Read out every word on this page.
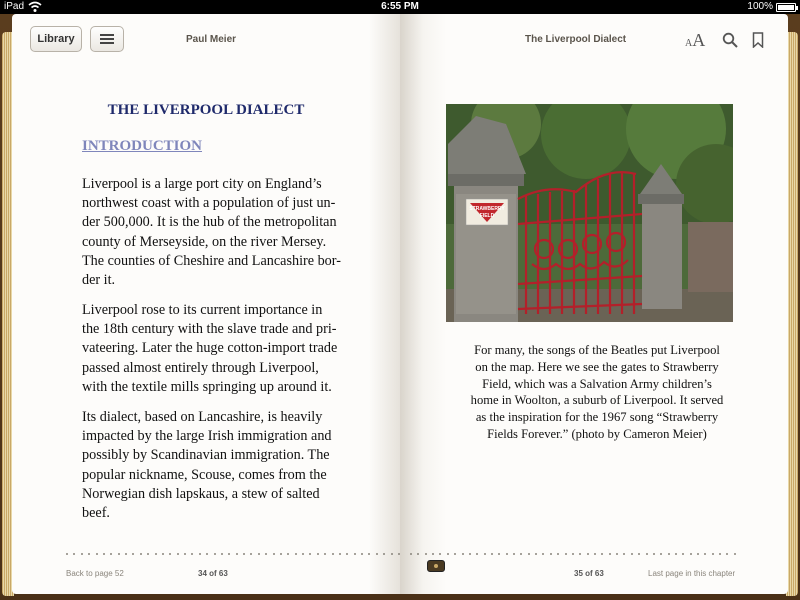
iPad	6:55 PM	100%
Library	Paul Meier
THE LIVERPOOL DIALECT
INTRODUCTION
Liverpool is a large port city on England’s
northwest coast with a population of just un-
der 500,000. It is the hub of the metropolitan
county of Merseyside, on the river Mersey.
The counties of Cheshire and Lancashire bor-
der it.
Liverpool rose to its current importance in
the 18th century with the slave trade and pri-
vateering. Later the huge cotton-import trade
passed almost entirely through Liverpool,
with the textile mills springing up around it.
Its dialect, based on Lancashire, is heavily
impacted by the large Irish immigration and
possibly by Scandinavian immigration. The
popular nickname, Scouse, comes from the
Norwegian dish lapskaus, a stew of salted
beef.
Back to page 52	34 of 63
The Liverpool Dialect	AA
STRAWBERRY
FIELD
For many, the songs of the Beatles put Liverpool
on the map. Here we see the gates to Strawberry
Field, which was a Salvation Army children’s
home in Woolton, a suburb of Liverpool. It served
as the inspiration for the 1967 song “Strawberry
Fields Forever.” (photo by Cameron Meier)
35 of 63	Last page in this chapter
